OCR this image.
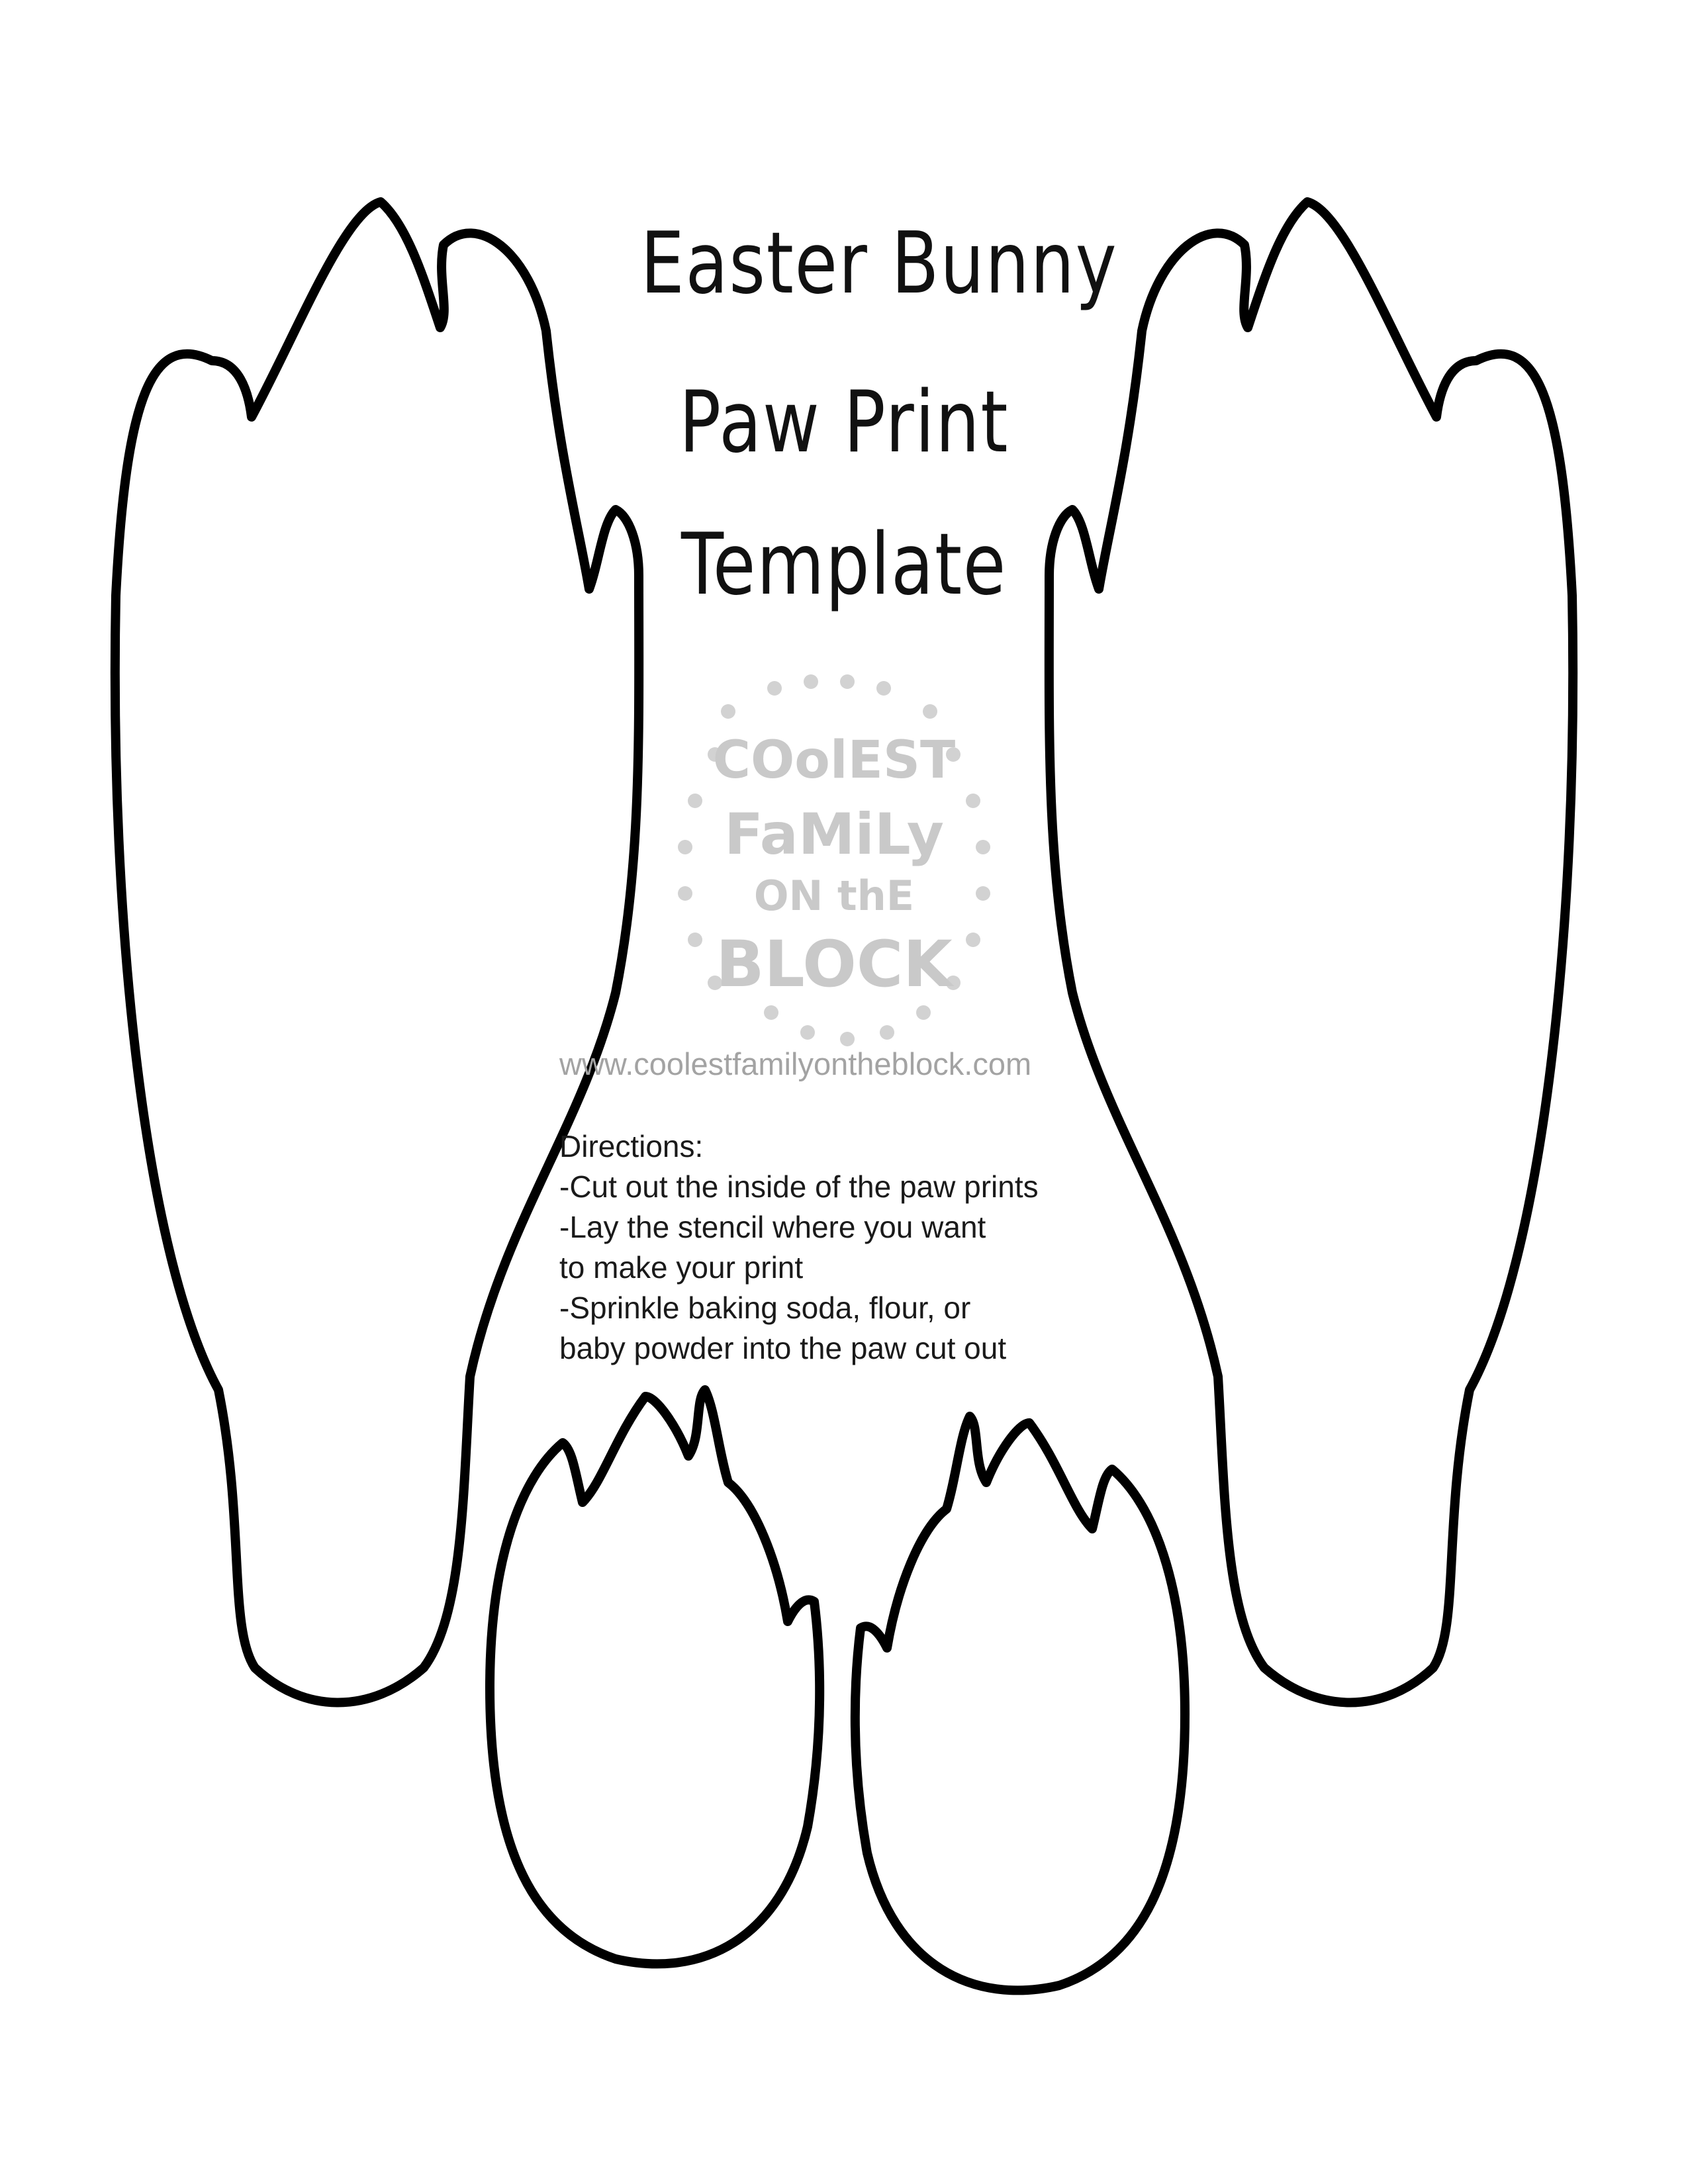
COolEST
FaMiLy
ON thE
BLOCK
Easter Bunny
Paw Print
Template
www.coolestfamilyontheblock.com
Directions:
-Cut out the inside of the paw prints
-Lay the stencil where you want
to make your print
-Sprinkle baking soda, flour, or
baby powder into the paw cut out
